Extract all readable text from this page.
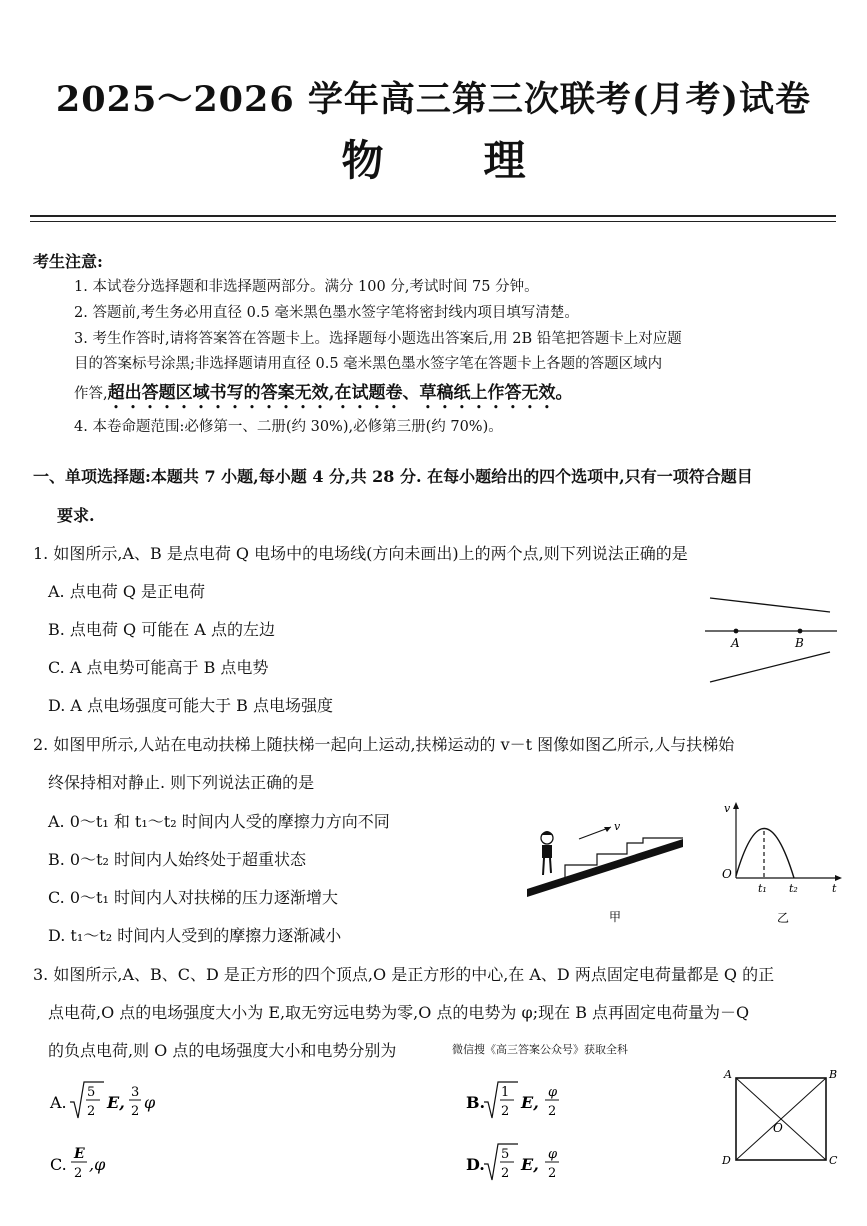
2025～2026 学年高三第三次联考(月考)试卷
物理
考生注意:
1. 本试卷分选择题和非选择题两部分。满分 100 分,考试时间 75 分钟。
2. 答题前,考生务必用直径 0.5 毫米黑色墨水签字笔将密封线内项目填写清楚。
3. 考生作答时,请将答案答在答题卡上。选择题每小题选出答案后,用 2B 铅笔把答题卡上对应题
目的答案标号涂黑;非选择题请用直径 0.5 毫米黑色墨水签字笔在答题卡上各题的答题区域内
作答,超出答题区域书写的答案无效,在试题卷、草稿纸上作答无效。
4. 本卷命题范围:必修第一、二册(约 30%),必修第三册(约 70%)。
一、单项选择题:本题共 7 小题,每小题 4 分,共 28 分. 在每小题给出的四个选项中,只有一项符合题目
要求.
1. 如图所示,A、B 是点电荷 Q 电场中的电场线(方向未画出)上的两个点,则下列说法正确的是
A. 点电荷 Q 是正电荷
B. 点电荷 Q 可能在 A 点的左边
C. A 点电势可能高于 B 点电势
D. A 点电场强度可能大于 B 点电场强度
A	B
2. 如图甲所示,人站在电动扶梯上随扶梯一起向上运动,扶梯运动的 v－t 图像如图乙所示,人与扶梯始
终保持相对静止. 则下列说法正确的是
A. 0～t₁ 和 t₁～t₂ 时间内人受的摩擦力方向不同
B. 0～t₂ 时间内人始终处于超重状态
C. 0～t₁ 时间内人对扶梯的压力逐渐增大
D. t₁～t₂ 时间内人受到的摩擦力逐渐减小
v
甲
v
t
O
t₁ t₂
乙
3. 如图所示,A、B、C、D 是正方形的四个顶点,O 是正方形的中心,在 A、D 两点固定电荷量都是 Q 的正
点电荷,O 点的电场强度大小为 E,取无穷远电势为零,O 点的电势为 φ;现在 B 点再固定电荷量为－Q
的负点电荷,则 O 点的电场强度大小和电势分别为	微信搜《高三答案公众号》获取全科
A.
5
2 E,
3
2 φ	B.
1
2 E,
φ
2
C.
E
2 ,φ	D.
5
2 E,
φ
2
A	B
C
D
O
